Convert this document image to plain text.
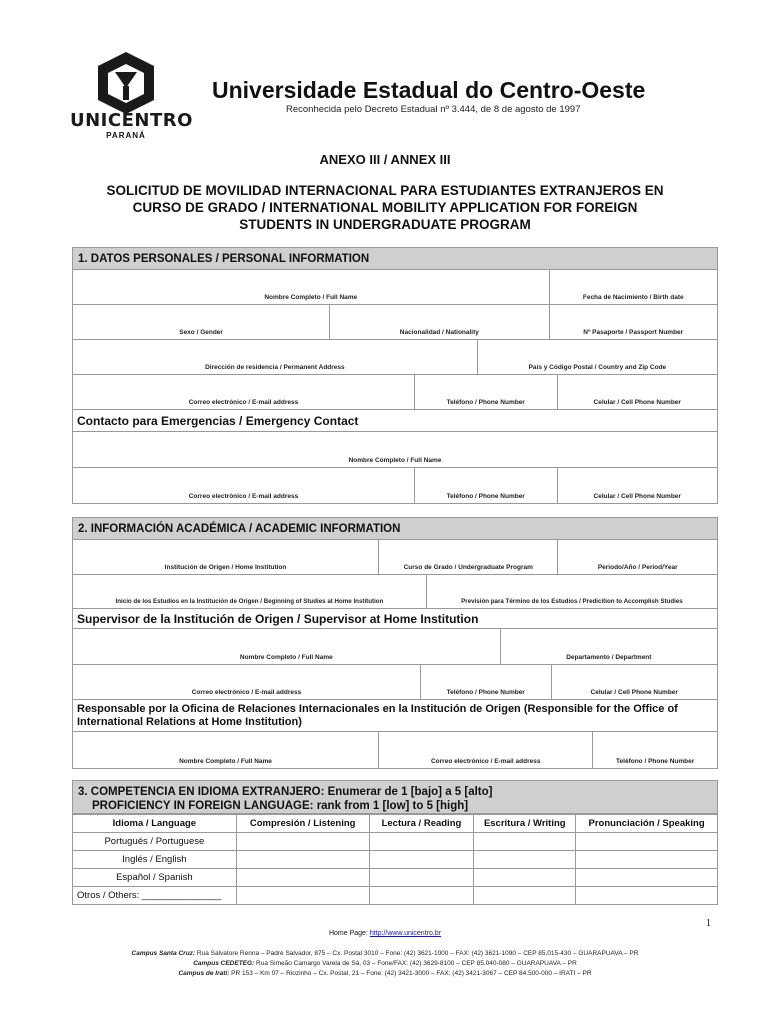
UNICENTRO
PARANÁ
Universidade Estadual do Centro-Oeste
Reconhecida pelo Decreto Estadual nº 3.444, de 8 de agosto de 1997
ANEXO III / ANNEX III
SOLICITUD DE MOVILIDAD INTERNACIONAL PARA ESTUDIANTES EXTRANJEROS EN
CURSO DE GRADO / INTERNATIONAL MOBILITY APPLICATION FOR FOREIGN
STUDENTS IN UNDERGRADUATE PROGRAM
1. DATOS PERSONALES / PERSONAL INFORMATION
Nombre Completo / Full Name	Fecha de Nacimiento / Birth date
Sexo / Gender	Nacionalidad / Nationality	Nº Pasaporte / Passport Number
Dirección de residencia / Permanent Address	País y Código Postal / Country and Zip Code
Correo electrónico / E-mail address	Teléfono / Phone Number	Celular / Cell Phone Number
Contacto para Emergencias / Emergency Contact
Nombre Completo / Full Name
Correo electrónico / E-mail address	Teléfono / Phone Number	Celular / Cell Phone Number
2. INFORMACIÓN ACADÉMICA / ACADEMIC INFORMATION
Institución de Origen / Home Institution	Curso de Grado / Undergraduate Program	Periodo/Año / Period/Year
Inicio de los Estudios en la Institución de Origen / Beginning of Studies at Home Institution	Previsión para Término de los Estudios / Predicition to Accomplish Studies
Supervisor de la Institución de Origen / Supervisor at Home Institution
Nombre Completo / Full Name	Departamento / Department
Correo electrónico / E-mail address	Teléfono / Phone Number	Celular / Cell Phone Number
Responsable por la Oficina de Relaciones Internacionales en la Institución de Origen (Responsible for the Office of
International Relations at Home Institution)
Nombre Completo / Full Name	Correo electrónico / E-mail address	Teléfono / Phone Number
3. COMPETENCIA EN IDIOMA EXTRANJERO: Enumerar de 1 [bajo] a 5 [alto]
PROFICIENCY IN FOREIGN LANGUAGE: rank from 1 [low] to 5 [high]
Idioma / Language	Compresión / Listening	Lectura / Reading	Escritura / Writing	Pronunciación / Speaking
Portugués / Portuguese				
Inglés / English				
Español / Spanish				
Otros / Others: _______________				
1
Home Page: http://www.unicentro.br
Campus Santa Cruz: Rua Salvatore Renna – Padre Salvador, 875 – Cx. Postal 3010 – Fone: (42) 3621-1000 – FAX: (42) 3621-1090 – CEP 85.015-430 – GUARAPUAVA – PR
Campus CEDETEG: Rua Simeão Camargo Varela de Sá, 03 – Fone/FAX: (42) 3629-8100 – CEP 85.040-080 – GUARAPUAVA – PR
Campus de Irati: PR 153 – Km 07 – Riozinho – Cx. Postal, 21 – Fone: (42) 3421-3000 – FAX: (42) 3421-3067 – CEP 84.500-000 – IRATI – PR
